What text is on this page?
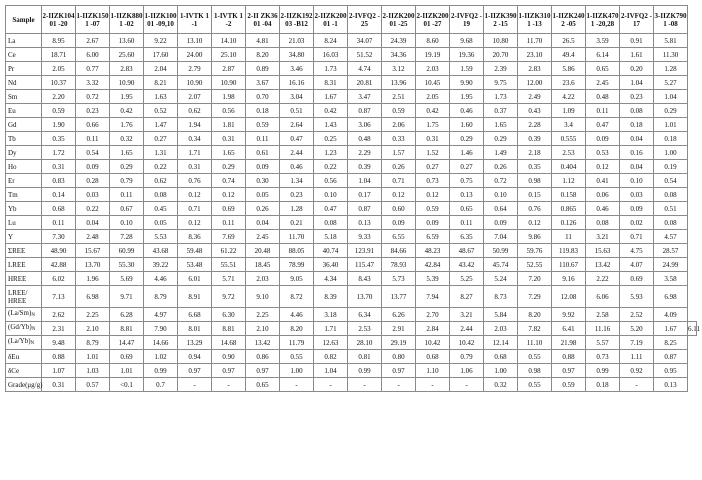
Sample	2-IIZK10401 -20	1-IIZK1501 -07	1-IIZK8801 -02	1-IIZK10001 -09,10	1-IVTK 1 -1	1-IVTK 1 -2	2-II ZK3601 -04	2-IIZK19203 -B12	2-IIZK20001 -1	2-IVFQ2 -25	2-IIZK20001 -25	2-IIZK20001 -27	2-IVFQ2 -19	1-IIZK3902 -15	1-IIZK3101 -13	1-IIZK2402 -05	1-IIZK4701 -20,28	2-IVFQ2 -17	3-IIZK7901 -08	
La	8.95	2.67	13.60	9.22	13.10	14.10	4.81	21.03	8.24	34.07	24.39	8.60	9.68	10.80	11.70	26.5	3.59	0.91	5.81	
Ce	18.71	6.00	25.60	17.60	24.00	25.10	8.20	34.80	16.03	51.52	34.36	19.19	19.36	20.70	23.10	49.4	6.14	1.61	11.30	
Pr	2.05	0.77	2.83	2.04	2.79	2.87	0.89	3.46	1.73	4.74	3.12	2.03	1.59	2.39	2.83	5.86	0.65	0.20	1.28	
Nd	10.37	3.32	10.90	8.21	10.90	10.90	3.67	16.16	8.31	20.81	13.96	10.45	9.90	9.75	12.00	23.6	2.45	1.04	5.27	
Sm	2.20	0.72	1.95	1.63	2.07	1.98	0.70	3.04	1.67	3.47	2.51	2.05	1.95	1.73	2.49	4.22	0.48	0.23	1.04	
Eu	0.59	0.23	0.42	0.52	0.62	0.56	0.18	0.51	0.42	0.87	0.59	0.42	0.46	0.37	0.43	1.09	0.11	0.08	0.29	
Gd	1.90	0.66	1.76	1.47	1.94	1.81	0.59	2.64	1.43	3.06	2.06	1.75	1.60	1.65	2.28	3.4	0.47	0.18	1.01	
Tb	0.35	0.11	0.32	0.27	0.34	0.31	0.11	0.47	0.25	0.48	0.33	0.31	0.29	0.29	0.39	0.555	0.09	0.04	0.18	
Dy	1.72	0.54	1.65	1.31	1.71	1.65	0.61	2.44	1.23	2.29	1.57	1.52	1.46	1.49	2.18	2.53	0.53	0.16	1.00	
Ho	0.31	0.09	0.29	0.22	0.31	0.29	0.09	0.46	0.22	0.39	0.26	0.27	0.27	0.26	0.35	0.404	0.12	0.04	0.19	
Er	0.83	0.28	0.79	0.62	0.76	0.74	0.30	1.34	0.56	1.04	0.71	0.73	0.75	0.72	0.98	1.12	0.41	0.10	0.54	
Tm	0.14	0.03	0.11	0.08	0.12	0.12	0.05	0.23	0.10	0.17	0.12	0.12	0.13	0.10	0.15	0.158	0.06	0.03	0.08	
Yb	0.68	0.22	0.67	0.45	0.71	0.69	0.26	1.28	0.47	0.87	0.60	0.59	0.65	0.64	0.76	0.865	0.46	0.09	0.51	
Lu	0.11	0.04	0.10	0.05	0.12	0.11	0.04	0.21	0.08	0.13	0.09	0.09	0.11	0.09	0.12	0.126	0.08	0.02	0.08	
Y	7.30	2.48	7.28	5.53	8.36	7.69	2.45	11.70	5.18	9.33	6.55	6.59	6.35	7.04	9.86	11	3.21	0.71	4.57	
ΣREE	48.90	15.67	60.99	43.68	59.48	61.22	20.48	88.05	40.74	123.91	84.66	48.23	48.67	50.99	59.76	119.83	15.63	4.75	28.57	
LREE	42.88	13.70	55.30	39.22	53.48	55.51	18.45	78.99	36.40	115.47	78.93	42.84	43.42	45.74	52.55	110.67	13.42	4.07	24.99	
HREE	6.02	1.96	5.69	4.46	6.01	5.71	2.03	9.05	4.34	8.43	5.73	5.39	5.25	5.24	7.20	9.16	2.22	0.69	3.58	
LREE/ HREE	7.13	6.98	9.71	8.79	8.91	9.72	9.10	8.72	8.39	13.70	13.77	7.94	8.27	8.73	7.29	12.08	6.06	5.93	6.98	
$(La/Sm)_N$	2.62	2.25	6.28	4.97	6.68	6.30	2.25	4.46	3.18	6.34	6.26	2.70	3.21	5.84	8.20	9.92	2.58	2.52	4.09	
$(Gd/Yb)_N$	2.31	2.10	8.81	7.90	8.01	8.81	2.10	8.20	1.71	2.53	2.91	2.84	2.44	2.03	7.82	6.41	11.16	5.20	1.67	6.11
$(La/Yb)_N$	9.48	8.79	14.47	14.66	13.29	14.68	13.42	11.79	12.63	28.10	29.19	10.42	10.42	12.14	11.10	21.98	5.57	7.19	8.25	
δEu	0.88	1.01	0.69	1.02	0.94	0.90	0.86	0.55	0.82	0.81	0.80	0.68	0.79	0.68	0.55	0.88	0.73	1.11	0.87	
δCe	1.07	1.03	1.01	0.99	0.97	0.97	0.97	1.00	1.04	0.99	0.97	1.10	1.06	1.00	0.98	0.97	0.99	0.92	0.95	
Grade(μg/g)	0.31	0.57	<0.1	0.7	-	-	0.65	-	-	-	-	-	-	0.32	0.55	0.59	0.18	-	0.13	
